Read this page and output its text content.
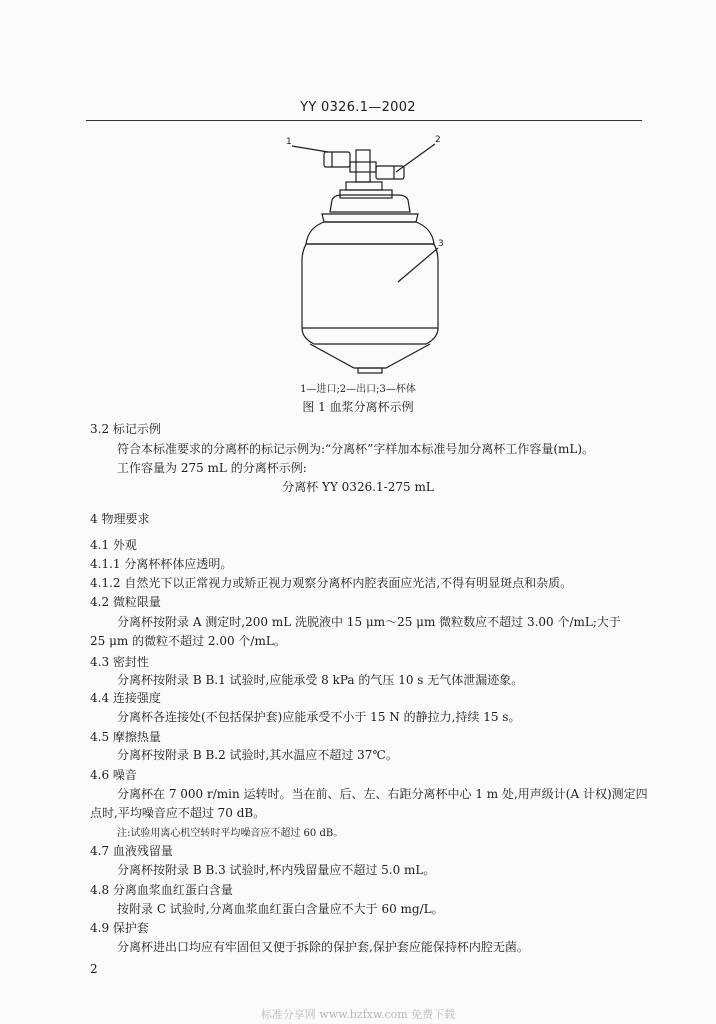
YY 0326.1—2002
1	2
3
1—进口;2—出口;3—杯体
图 1 血浆分离杯示例
3.2 标记示例
符合本标准要求的分离杯的标记示例为:“分离杯”字样加本标准号加分离杯工作容量(mL)。
工作容量为 275 mL 的分离杯示例:
分离杯 YY 0326.1-275 mL
4 物理要求
4.1 外观
4.1.1 分离杯杯体应透明。
4.1.2 自然光下以正常视力或矫正视力观察分离杯内腔表面应光洁,不得有明显斑点和杂质。
4.2 微粒限量
分离杯按附录 A 测定时,200 mL 洗脱液中 15 μm～25 μm 微粒数应不超过 3.00 个/mL;大于
25 μm 的微粒不超过 2.00 个/mL。
4.3 密封性
分离杯按附录 B B.1 试验时,应能承受 8 kPa 的气压 10 s 无气体泄漏迹象。
4.4 连接强度
分离杯各连接处(不包括保护套)应能承受不小于 15 N 的静拉力,持续 15 s。
4.5 摩擦热量
分离杯按附录 B B.2 试验时,其水温应不超过 37℃。
4.6 噪音
分离杯在 7 000 r/min 运转时。当在前、后、左、右距分离杯中心 1 m 处,用声级计(A 计权)测定四
点时,平均噪音应不超过 70 dB。
注:试验用离心机空转时平均噪音应不超过 60 dB。
4.7 血液残留量
分离杯按附录 B B.3 试验时,杯内残留量应不超过 5.0 mL。
4.8 分离血浆血红蛋白含量
按附录 C 试验时,分离血浆血红蛋白含量应不大于 60 mg/L。
4.9 保护套
分离杯进出口均应有牢固但又便于拆除的保护套,保护套应能保持杯内腔无菌。
2
标准分享网 www.bzfxw.com 免费下载
